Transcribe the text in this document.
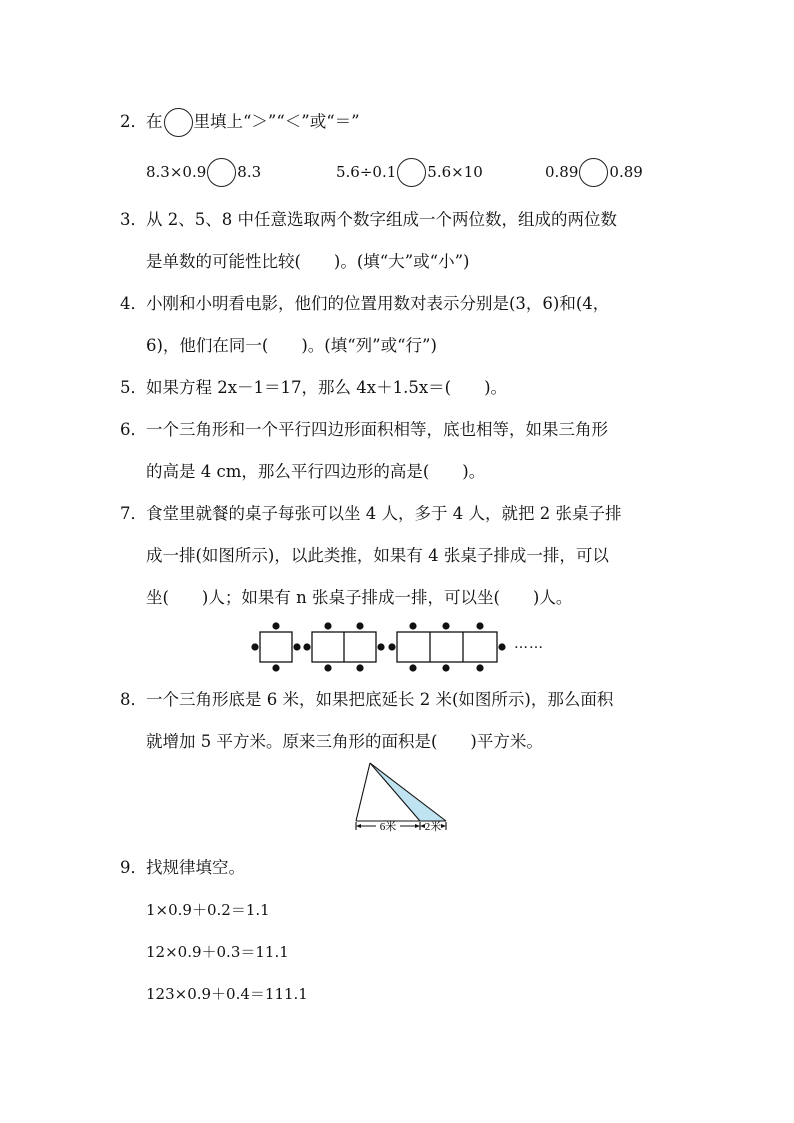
2．在 里填上“＞”“＜”或“＝”
8.3×0.9 8.3	5.6÷0.1 5.6×10	0.89 0.89
3．从 2、5、8 中任意选取两个数字组成一个两位数，组成的两位数
是单数的可能性比较(　　)。(填“大”或“小”)
4．小刚和小明看电影，他们的位置用数对表示分别是(3，6)和(4，
6)，他们在同一(　　)。(填“列”或“行”)
5．如果方程 2x－1＝17，那么 4x＋1.5x＝(　　)。
6．一个三角形和一个平行四边形面积相等，底也相等，如果三角形
的高是 4 cm，那么平行四边形的高是(　　)。
7．食堂里就餐的桌子每张可以坐 4 人，多于 4 人，就把 2 张桌子排
成一排(如图所示)，以此类推，如果有 4 张桌子排成一排，可以
坐(　　)人；如果有 n 张桌子排成一排，可以坐(　　)人。
……
8．一个三角形底是 6 米，如果把底延长 2 米(如图所示)，那么面积
就增加 5 平方米。原来三角形的面积是(　　)平方米。
6米	2米
9．找规律填空。
1×0.9＋0.2＝1.1
12×0.9＋0.3＝11.1
123×0.9＋0.4＝111.1
